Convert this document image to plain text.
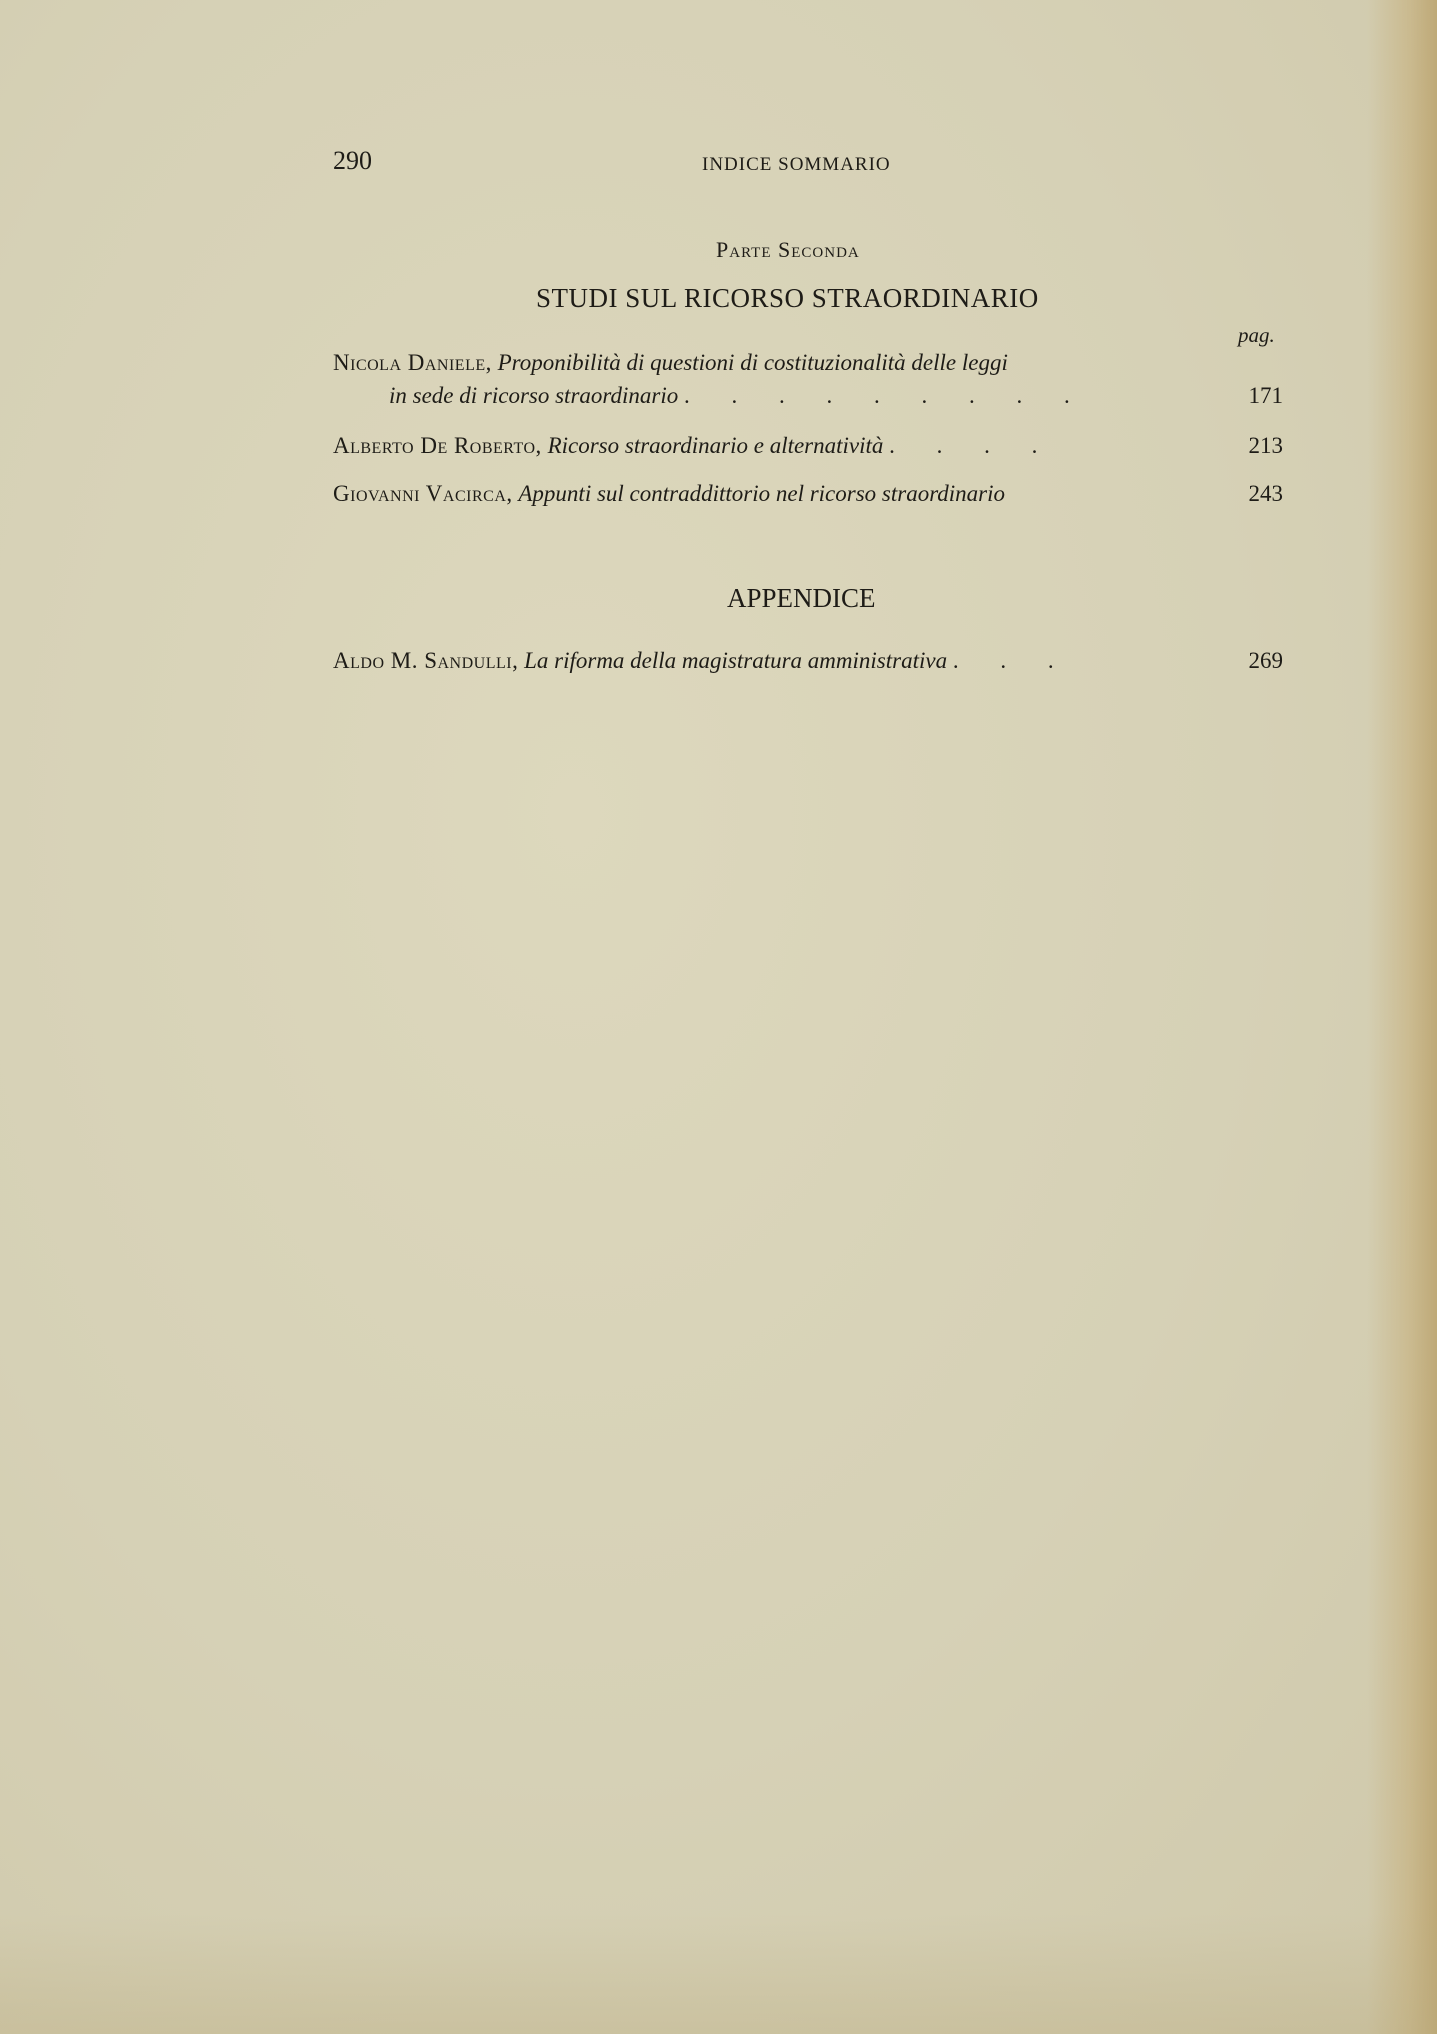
290	INDICE SOMMARIO
Parte Seconda
STUDI SUL RICORSO STRAORDINARIO
pag.
Nicola Daniele, Proponibilità di questioni di costituzionalità delle leggi
in sede di ricorso straordinario . . . . . . . . .	171
Alberto De Roberto, Ricorso straordinario e alternatività . . . .	213
Giovanni Vacirca, Appunti sul contraddittorio nel ricorso straordinario	243
APPENDICE
Aldo M. Sandulli, La riforma della magistratura amministrativa . . .	269
